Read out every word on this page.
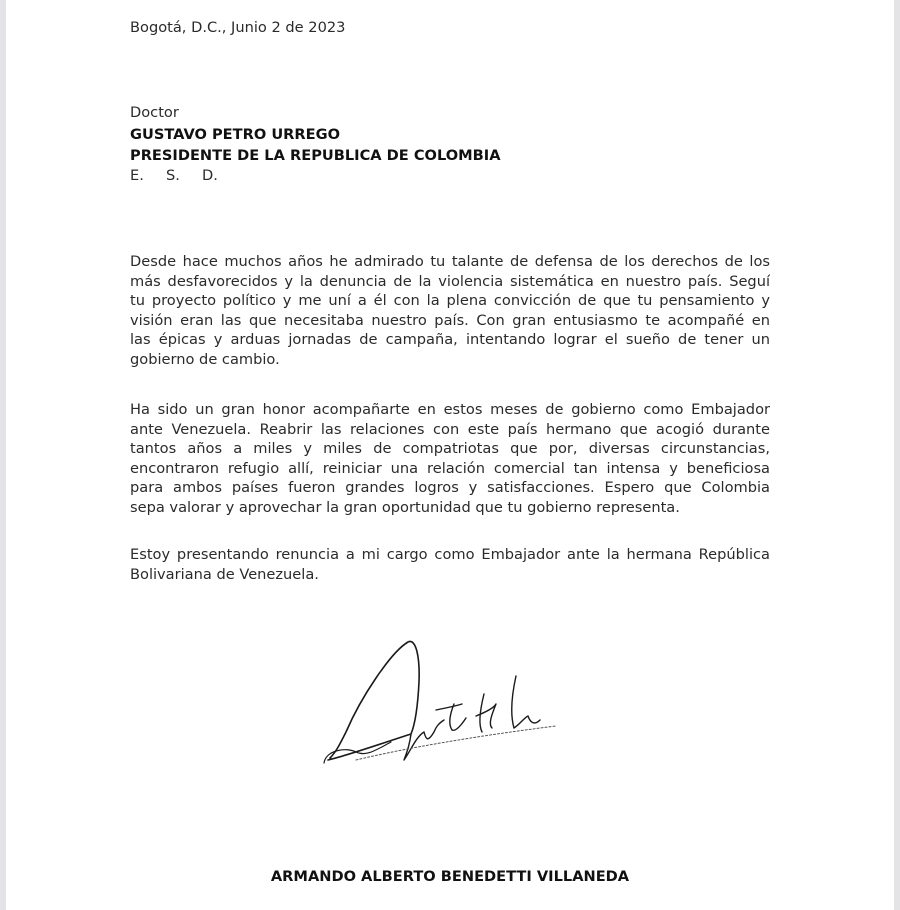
Bogotá, D.C., Junio 2 de 2023
Doctor
GUSTAVO PETRO URREGO
PRESIDENTE DE LA REPUBLICA DE COLOMBIA
E. S. D.
Desde hace muchos años he admirado tu talante de defensa de los derechos de los
más desfavorecidos y la denuncia de la violencia sistemática en nuestro país. Seguí
tu proyecto político y me uní a él con la plena convicción de que tu pensamiento y
visión eran las que necesitaba nuestro país. Con gran entusiasmo te acompañé en
las épicas y arduas jornadas de campaña, intentando lograr el sueño de tener un
gobierno de cambio.
Ha sido un gran honor acompañarte en estos meses de gobierno como Embajador
ante Venezuela. Reabrir las relaciones con este país hermano que acogió durante
tantos años a miles y miles de compatriotas que por, diversas circunstancias,
encontraron refugio allí, reiniciar una relación comercial tan intensa y beneficiosa
para ambos países fueron grandes logros y satisfacciones. Espero que Colombia
sepa valorar y aprovechar la gran oportunidad que tu gobierno representa.
Estoy presentando renuncia a mi cargo como Embajador ante la hermana República
Bolivariana de Venezuela.
ARMANDO ALBERTO BENEDETTI VILLANEDA
